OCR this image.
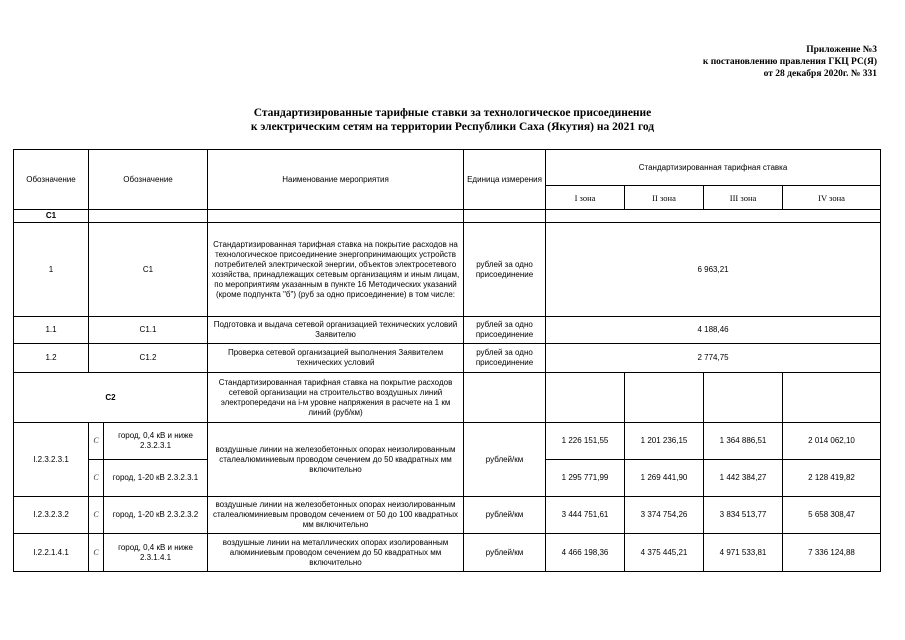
Приложение №3
к постановлению правления ГКЦ РС(Я)
от 28 декабря 2020г. № 331
Стандартизированные тарифные ставки за технологическое присоединение
к электрическим сетям на территории Республики Саха (Якутия) на 2021 год
Обозначение	Обозначение		Наименование мероприятия	Единица измерения	Стандартизированная тарифная ставка			
					I зона	II зона	III зона	IV зона
C1								
1	C1		Стандартизированная тарифная ставка на покрытие расходов на технологическое присоединение энергопринимающих устройств потребителей электрической энергии, объектов электросетевого хозяйства, принадлежащих сетевым организациям и иным лицам, по мероприятиям указанным в пункте 16 Методических указаний (кроме подпункта "б") (руб за одно присоединение) в том числе:	рублей за одно присоединение	6 963,21			
1.1	C1.1		Подготовка и выдача сетевой организацией технических условий Заявителю	рублей за одно присоединение	4 188,46			
1.2	C1.2		Проверка сетевой организацией выполнения Заявителем технических условий	рублей за одно присоединение	2 774,75			
C2			Стандартизированная тарифная ставка на покрытие расходов сетевой организации на строительство воздушных линий электропередачи на i-м уровне напряжения в расчете на 1 км линий (руб/км)					
I.2.3.2.3.1	C	город, 0,4 кВ и ниже 2.3.2.3.1	воздушные линии на железобетонных опорах неизолированным сталеалюминиевым проводом сечением до 50 квадратных мм включительно	рублей/км	1 226 151,55	1 201 236,15	1 364 886,51	2 014 062,10
	C	город, 1-20 кВ 2.3.2.3.1			1 295 771,99	1 269 441,90	1 442 384,27	2 128 419,82
I.2.3.2.3.2	C	город, 1-20 кВ 2.3.2.3.2	воздушные линии на железобетонных опорах неизолированным сталеалюминиевым проводом сечением от 50 до 100 квадратных мм включительно	рублей/км	3 444 751,61	3 374 754,26	3 834 513,77	5 658 308,47
I.2.2.1.4.1	C	город, 0,4 кВ и ниже 2.3.1.4.1	воздушные линии на металлических опорах изолированным алюминиевым проводом сечением до 50 квадратных мм включительно	рублей/км	4 466 198,36	4 375 445,21	4 971 533,81	7 336 124,88
